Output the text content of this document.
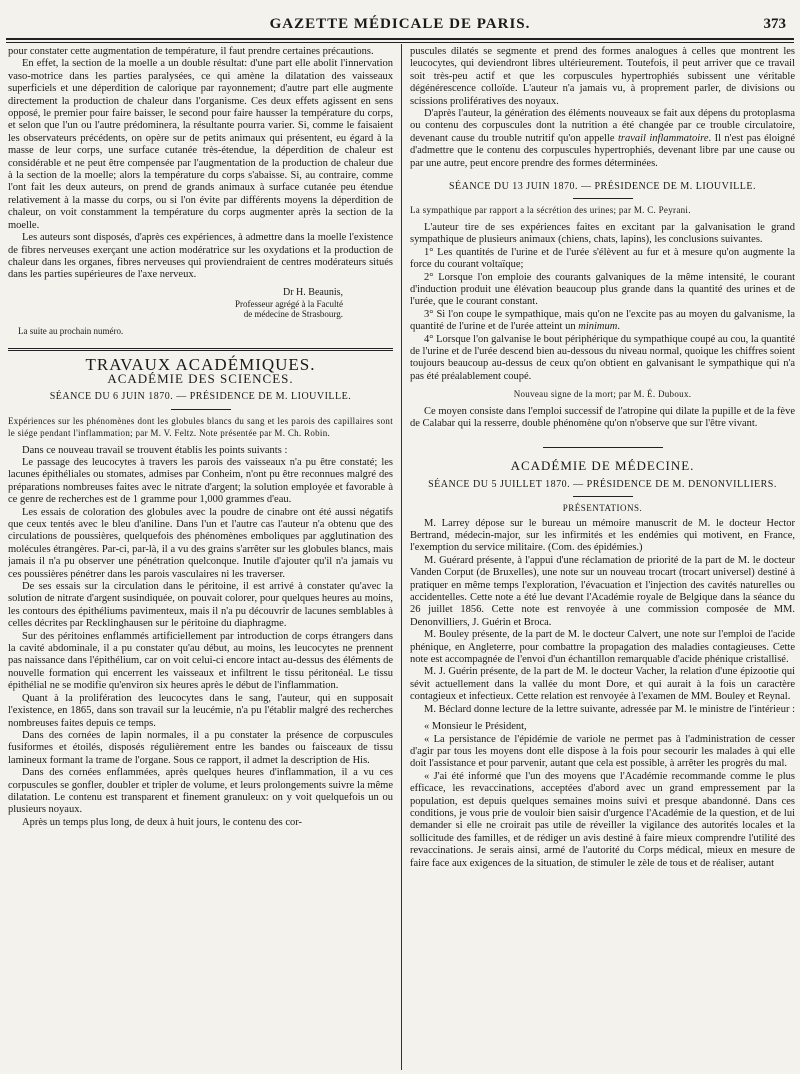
GAZETTE MÉDICALE DE PARIS.	373

pour constater cette augmentation de température, il faut prendre certaines précautions.

En effet, la section de la moelle a un double résultat: d'une part elle abolit l'innervation vaso-motrice dans les parties paralysées, ce qui amène la dilatation des vaisseaux superficiels et une déperdition de calorique par rayonnement; d'autre part elle augmente directement la production de chaleur dans l'organisme. Ces deux effets agissent en sens opposé, le premier pour faire baisser, le second pour faire hausser la température du corps, et selon que l'un ou l'autre prédominera, la résultante pourra varier. Si, comme le faisaient les observateurs précédents, on opère sur de petits animaux qui présentent, eu égard à la masse de leur corps, une surface cutanée très-étendue, la déperdition de chaleur est considérable et ne peut être compensée par l'augmentation de la production de chaleur due à la section de la moelle; alors la température du corps s'abaisse. Si, au contraire, comme l'ont fait les deux auteurs, on prend de grands animaux à surface cutanée peu étendue relativement à la masse du corps, ou si l'on évite par différents moyens la déperdition de chaleur, on voit constamment la température du corps augmenter après la section de la moelle.

Les auteurs sont disposés, d'après ces expériences, à admettre dans la moelle l'existence de fibres nerveuses exerçant une action modératrice sur les oxydations et la production de chaleur dans les organes, fibres nerveuses qui proviendraient de centres modérateurs situés dans les parties supérieures de l'axe nerveux.

Dr H. Beaunis,

Professeur agrégé à la Faculté

de médecine de Strasbourg.

La suite au prochain numéro.

TRAVAUX ACADÉMIQUES.
ACADÉMIE DES SCIENCES.
SÉANCE DU 6 JUIN 1870. — PRÉSIDENCE DE M. LIOUVILLE.

Expériences sur les phénomènes dont les globules blancs du sang et les parois des capillaires sont le siége pendant l'inflammation; par M. V. Feltz. Note présentée par M. Ch. Robin.

Dans ce nouveau travail se trouvent établis les points suivants :

Le passage des leucocytes à travers les parois des vaisseaux n'a pu être constaté; les lacunes épithéliales ou stomates, admises par Conheim, n'ont pu être reconnues malgré des préparations nombreuses faites avec le nitrate d'argent; la solution employée et favorable à ce genre de recherches est de 1 gramme pour 1,000 grammes d'eau.

Les essais de coloration des globules avec la poudre de cinabre ont été aussi négatifs que ceux tentés avec le bleu d'aniline. Dans l'un et l'autre cas l'auteur n'a obtenu que des circulations de poussières, quelquefois des phénomènes emboliques par agglutination des molécules étrangères. Par-ci, par-là, il a vu des grains s'arrêter sur les globules blancs, mais jamais il n'a pu observer une pénétration quelconque. Inutile d'ajouter qu'il n'a jamais vu ces poussières pénétrer dans les parois vasculaires ni les traverser.

De ses essais sur la circulation dans le péritoine, il est arrivé à constater qu'avec la solution de nitrate d'argent susindiquée, on pouvait colorer, pour quelques heures au moins, les contours des épithéliums pavimenteux, mais il n'a pu découvrir de lacunes semblables à celles décrites par Recklinghausen sur le péritoine du diaphragme.

Sur des péritoines enflammés artificiellement par introduction de corps étrangers dans la cavité abdominale, il a pu constater qu'au début, au moins, les leucocytes ne prennent pas naissance dans l'épithélium, car on voit celui-ci encore intact au-dessus des éléments de nouvelle formation qui encerrent les vaisseaux et infiltrent le tissu péritonéal. Le tissu épithélial ne se modifie qu'environ six heures après le début de l'inflammation.

Quant à la prolifération des leucocytes dans le sang, l'auteur, qui en supposait l'existence, en 1865, dans son travail sur la leucémie, n'a pu l'établir malgré des recherches nombreuses faites depuis ce temps.

Dans des cornées de lapin normales, il a pu constater la présence de corpuscules fusiformes et étoilés, disposés régulièrement entre les bandes ou faisceaux de tissu lamineux formant la trame de l'organe. Sous ce rapport, il admet la description de His.

Dans des cornées enflammées, après quelques heures d'inflammation, il a vu ces corpuscules se gonfler, doubler et tripler de volume, et leurs prolongements suivre la même dilatation. Le contenu est transparent et finement granuleux: on y voit quelquefois un ou plusieurs noyaux.

Après un temps plus long, de deux à huit jours, le contenu des cor-

puscules dilatés se segmente et prend des formes analogues à celles que montrent les leucocytes, qui deviendront libres ultérieurement. Toutefois, il peut arriver que ce travail soit très-peu actif et que les corpuscules hypertrophiés subissent une véritable dégénérescence colloïde. L'auteur n'a jamais vu, à proprement parler, de divisions ou scissions prolifératives des noyaux.

D'après l'auteur, la génération des éléments nouveaux se fait aux dépens du protoplasma ou contenu des corpuscules dont la nutrition a été changée par ce trouble circulatoire, devenant cause du trouble nutritif qu'on appelle travail inflammatoire. Il n'est pas éloigné d'admettre que le contenu des corpuscules hypertrophiés, devenant libre par une cause ou par une autre, peut encore prendre des formes déterminées.

SÉANCE DU 13 JUIN 1870. — PRÉSIDENCE DE M. LIOUVILLE.

La sympathique par rapport a la sécrétion des urines; par M. C. Peyrani.

L'auteur tire de ses expériences faites en excitant par la galvanisation le grand sympathique de plusieurs animaux (chiens, chats, lapins), les conclusions suivantes.

1° Les quantités de l'urine et de l'urée s'élèvent au fur et à mesure qu'on augmente la force du courant voltaïque;

2° Lorsque l'on emploie des courants galvaniques de la même intensité, le courant d'induction produit une élévation beaucoup plus grande dans la quantité des urines et de l'urée, que le courant constant.

3° Si l'on coupe le sympathique, mais qu'on ne l'excite pas au moyen du galvanisme, la quantité de l'urine et de l'urée atteint un minimum.

4° Lorsque l'on galvanise le bout périphérique du sympathique coupé au cou, la quantité de l'urine et de l'urée descend bien au-dessous du niveau normal, quoique les chiffres soient toujours beaucoup au-dessus de ceux qu'on obtient en galvanisant le sympathique qui n'a pas été préalablement coupé.

Nouveau signe de la mort; par M. É. Duboux.

Ce moyen consiste dans l'emploi successif de l'atropine qui dilate la pupille et de la fève de Calabar qui la resserre, double phénomène qu'on n'observe que sur l'être vivant.

ACADÉMIE DE MÉDECINE.
SÉANCE DU 5 JUILLET 1870. — PRÉSIDENCE DE M. DENONVILLIERS.
PRÉSENTATIONS.

M. Larrey dépose sur le bureau un mémoire manuscrit de M. le docteur Hector Bertrand, médecin-major, sur les infirmités et les endémies qui motivent, en France, l'exemption du service militaire. (Com. des épidémies.)

M. Guérard présente, à l'appui d'une réclamation de priorité de la part de M. le docteur Vanden Corput (de Bruxelles), une note sur un nouveau trocart (trocart universel) destiné à pratiquer en même temps l'exploration, l'évacuation et l'injection des cavités naturelles ou accidentelles. Cette note a été lue devant l'Académie royale de Belgique dans la séance du 26 juillet 1856. Cette note est renvoyée à une commission composée de MM. Denonvilliers, J. Guérin et Broca.

M. Bouley présente, de la part de M. le docteur Calvert, une note sur l'emploi de l'acide phénique, en Angleterre, pour combattre la propagation des maladies contagieuses. Cette note est accompagnée de l'envoi d'un échantillon remarquable d'acide phénique cristallisé.

M. J. Guérin présente, de la part de M. le docteur Vacher, la relation d'une épizootie qui sévit actuellement dans la vallée du mont Dore, et qui aurait à la fois un caractère contagieux et infectieux. Cette relation est renvoyée à l'examen de MM. Bouley et Reynal.

M. Béclard donne lecture de la lettre suivante, adressée par M. le ministre de l'intérieur :

« Monsieur le Président,

« La persistance de l'épidémie de variole ne permet pas à l'administration de cesser d'agir par tous les moyens dont elle dispose à la fois pour secourir les malades à qui elle doit l'assistance et pour parvenir, autant que cela est possible, à arrêter les progrès du mal.

« J'ai été informé que l'un des moyens que l'Académie recommande comme le plus efficace, les revaccinations, acceptées d'abord avec un grand empressement par la population, est depuis quelques semaines moins suivi et presque abandonné. Dans ces conditions, je vous prie de vouloir bien saisir d'urgence l'Académie de la question, et de lui demander si elle ne croirait pas utile de réveiller la vigilance des autorités locales et la sollicitude des familles, et de rédiger un avis destiné à faire mieux comprendre l'utilité des revaccinations. Je serais ainsi, armé de l'autorité du Corps médical, mieux en mesure de faire face aux exigences de la situation, de stimuler le zèle de tous et de réaliser, autant
